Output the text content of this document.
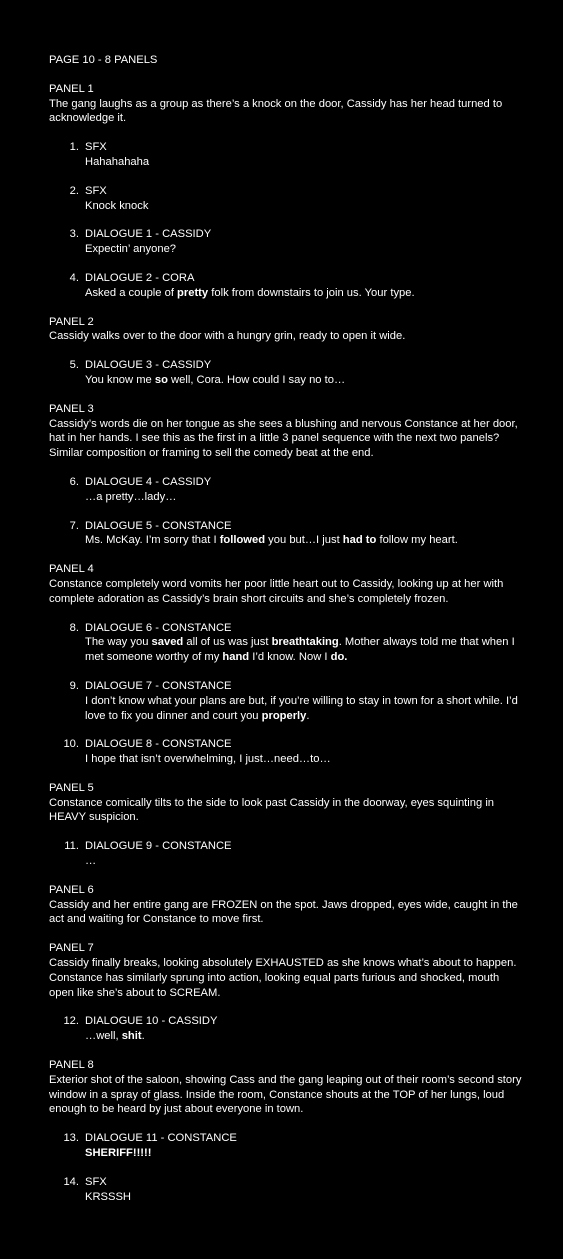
PAGE 10 - 8 PANELS

PANEL 1

The gang laughs as a group as there’s a knock on the door, Cassidy has her head turned to acknowledge it.

1. SFX
Hahahahaha
2. SFX
Knock knock
3. DIALOGUE 1 - CASSIDY
Expectin’ anyone?
4. DIALOGUE 2 - CORA
Asked a couple of pretty folk from downstairs to join us. Your type.

PANEL 2

Cassidy walks over to the door with a hungry grin, ready to open it wide.

5. DIALOGUE 3 - CASSIDY
You know me so well, Cora. How could I say no to…

PANEL 3

Cassidy’s words die on her tongue as she sees a blushing and nervous Constance at her door, hat in her hands. I see this as the first in a little 3 panel sequence with the next two panels? Similar composition or framing to sell the comedy beat at the end.

6. DIALOGUE 4 - CASSIDY
…a pretty…lady…
7. DIALOGUE 5 - CONSTANCE
Ms. McKay. I’m sorry that I followed you but…I just had to follow my heart.

PANEL 4

Constance completely word vomits her poor little heart out to Cassidy, looking up at her with complete adoration as Cassidy’s brain short circuits and she’s completely frozen.

8. DIALOGUE 6 - CONSTANCE
The way you saved all of us was just breathtaking. Mother always told me that when I met someone worthy of my hand I’d know. Now I do.
9. DIALOGUE 7 - CONSTANCE
I don’t know what your plans are but, if you’re willing to stay in town for a short while. I’d love to fix you dinner and court you properly.
10. DIALOGUE 8 - CONSTANCE
I hope that isn’t overwhelming, I just…need…to…

PANEL 5

Constance comically tilts to the side to look past Cassidy in the doorway, eyes squinting in HEAVY suspicion.

11. DIALOGUE 9 - CONSTANCE
…

PANEL 6

Cassidy and her entire gang are FROZEN on the spot. Jaws dropped, eyes wide, caught in the act and waiting for Constance to move first.

PANEL 7

Cassidy finally breaks, looking absolutely EXHAUSTED as she knows what’s about to happen. Constance has similarly sprung into action, looking equal parts furious and shocked, mouth open like she’s about to SCREAM.

12. DIALOGUE 10 - CASSIDY
…well, shit.

PANEL 8

Exterior shot of the saloon, showing Cass and the gang leaping out of their room’s second story window in a spray of glass. Inside the room, Constance shouts at the TOP of her lungs, loud enough to be heard by just about everyone in town.

13. DIALOGUE 11 - CONSTANCE
SHERIFF!!!!!
14. SFX
KRSSSH
